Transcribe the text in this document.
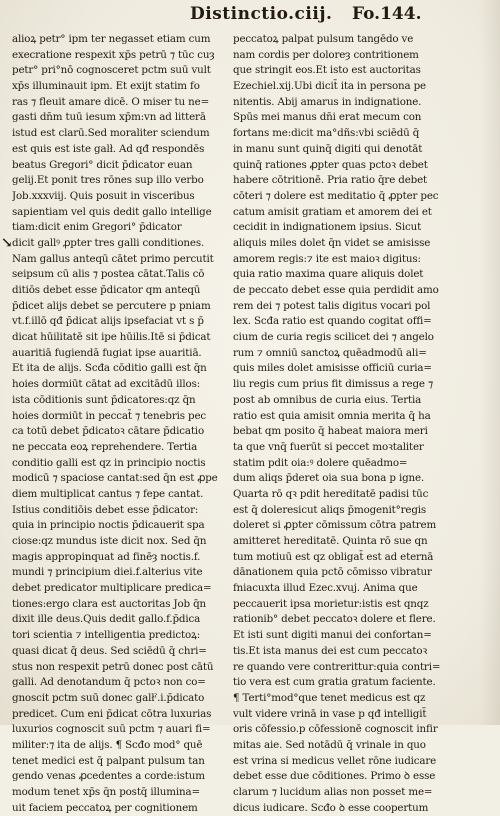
Distinctio.ciij. Fo.144.
↘
alioꝝ petr° ipm ter negasset etiam cum
execratione respexit xp̄s petrū ⁊ tūc cuȝ
petr° pri°nō cognosceret pctm suū vult
xp̄s illuminauit ipm. Et exijt statim fo
ras ⁊ fleuit amare dicē. O miser tu ne=
gasti dn̄m tuū iesum xp̄m:vn ad litterā
istud est clarū.Sed moraliter sciendum
est quis est iste galł. Ad qđ respondēs
beatus Gregori° dicit p̄dicator euan
gelij.Et ponit tres rōnes sup illo verbo
Job.xxxviij. Quis posuit in visceribus
sapientiam vel quis dedit gallo intellige
tiam:dicit enim Gregori° p̄dicator
dicit gallꝰ ꝓpter tres galli conditiones.
Nam gallus anteqū cātet primo percutit
seipsum cū alis ⁊ postea cātat.Talis cō
ditiōs debet esse p̄dicator qm anteqū
p̄dicet alijs debet se percutere p pniam
vt.f.illō qđ p̄dicat alijs ipsefaciat vt s p̄
dicat hūilitatē sit ipe hūilis.Itē si p̄dicat
auaritiā fugiendā fugiat ipse auaritiā.
Et ita de alijs. Scđa cōditio galli est q̄n
hoies dormiūt cātat ad excitādū illos:
ista cōditionis sunt p̄dicatores:qz q̄n
hoies dormiūt in peccat̄ ⁊ tenebris pec
ca totū debet p̄dicatoꝛ cātare p̄dicatio
ne peccata eoꝝ reprehendere. Tertia
conditio galli est qz in principio noctis
modicū ⁊ spaciose cantat:sed q̄n est ꝓpe
diem multiplicat cantus ⁊ fepe cantat.
Istius conditiōis debet esse p̄dicator:
quia in principio noctis p̄dicauerit spa
ciose:qz mundus iste dicit nox. Sed q̄n
magis appropinquat ad finēȝ noctis.f.
mundi ⁊ principium diei.f.alterius vite
debet predicator multiplicare predica=
tiones:ergo clara est auctoritas Job q̄n
dixit ille deus.Quis dedit gallo.f.p̄dica
tori scientia ⁊ intelligentia predictoꝝ:
quasi dicat q̄ deus. Sed sciēdū q̄ chri=
stus non respexit petrū donec post cātū
galli. Ad denotandum q̄ pctoꝛ non co=
gnoscit pctm suū donec galłˀ.i.p̄dicato
predicet. Cum eni p̄dicat cōtra luxurias
luxurios cognoscit suū pctm ⁊ auari fi=
militer:⁊ ita de alijs. ¶ Scđo mod° quē
tenet medici est q̄ palpant pulsum tan
gendo venas ꝓcedentes a corde:istum
modum tenet xp̄s q̄n postq̄ illumina=
uit faciem peccatoꝝ per cognitionem
peccatoꝝ palpat pulsum tangēdo ve
nam cordis per doloreȝ contritionem
que stringit eos.Et isto est auctoritas
Ezechiel.xij.Ubi dicit̄ ita in persona pe
nitentis. Abij amarus in indignatione.
Spūs mei manus dn̄i erat mecum con
fortans me:dicit ma°dñs:vbi sciēdū q̄
in manu sunt quinq̄ digiti qui denotāt
quinq̄ rationes ꝓpter quas pctoꝛ debet
habere cōtritionē. Pria ratio q̄re debet
cōteri ⁊ dolere est meditatio q̄ ꝓpter pec
catum amisit gratiam et amorem dei et
cecidit in indignationem ipsius. Sicut
aliquis miles dolet q̄n videt se amisisse
amorem regis:⁊ ite est maioꝛ digitus:
quia ratio maxima quare aliquis dolet
de peccato debet esse quia perdidit amo
rem dei ⁊ potest talis digitus vocari pol
lex. Scđa ratio est quando cogitat offi=
cium de curia regis scilicet dei ⁊ angelo
rum ⁊ omniū sanctoꝝ quēadmodū ali=
quis miles dolet amisisse officiū curia=
liu regis cum prius fit dimissus a rege ⁊
post ab omnibus de curia eius. Tertia
ratio est quia amisit omnia merita q̄ ha
bebat qm posito q̄ habeat maiora meri
ta que vnq̄ fuerūt si peccet moꝛtaliter
statim pdit oia:ꝰ dolere quēadmo=
dum aliqs p̄deret oia sua bona p igne.
Quarta rō qꝛ pdit hereditatē padisi tūc
est q̄ doleresicut aliqs p̄mogenit°regis
doleret si ꝓpter cōmissum cōtra patrem
amitteret hereditatē. Quinta rō sue qn
tum motiuū est qz obligat̄ est ad eternā
dānationem quia pctō cōmisso vibratur
fniacuxta illud Ezec.xvuj. Anima que
peccauerit ipsa morietur:istis est qnqz
rationib° debet peccatoꝛ dolere et flere.
Et isti sunt digiti manui dei confortan=
tis.Et ista manus dei est cum peccatoꝛ
re quando vere contrerittur:quia contri=
tio vera est cum gratia gratum faciente.
¶ Terti°mod°que tenet medicus est qz
vult videre vrinā in vase p qđ intelligit̄
oris cōfessio.p cōfessionē cognoscit infir
mitas aie. Sed notādū q̄ vrinale in quo
est vrina si medicus vellet rōne iudicare
debet esse due cōditiones. Primo ꝺ esse
clarum ⁊ lucidum alias non posset me=
dicus iudicare. Scđo ꝺ esse coopertum
